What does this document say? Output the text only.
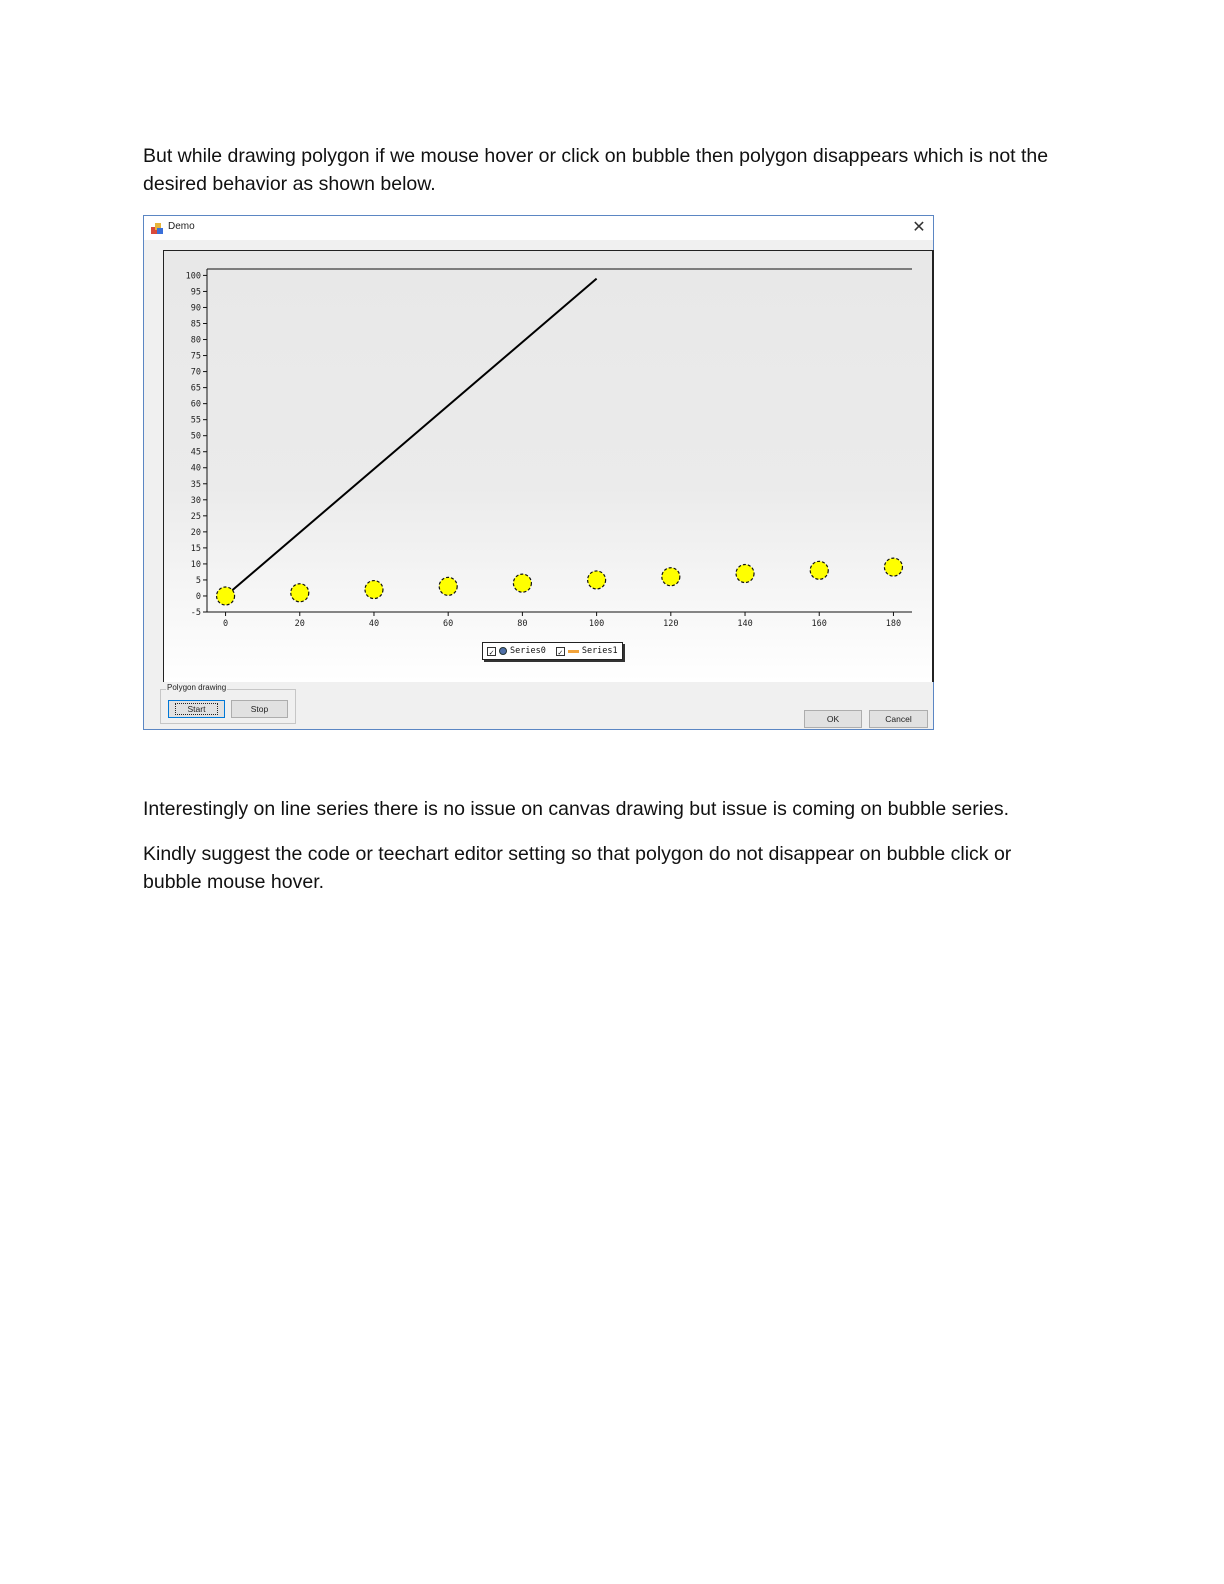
But while drawing polygon if we mouse hover or click on bubble then polygon disappears which is not the desired behavior as shown below.

Demo	✕
-5
0
5
10
15
20
25
30
35
40
45
50
55
60
65
70
75
80
85
90
95
100
0	20	40	60	80	100	120	140	160	180
✓ Series0 ✓ Series1
Polygon drawing
Start	Stop
OK	Cancel

Interestingly on line series there is no issue on canvas drawing but issue is coming on bubble series.

Kindly suggest the code or teechart editor setting so that polygon do not disappear on bubble click or bubble mouse hover.
